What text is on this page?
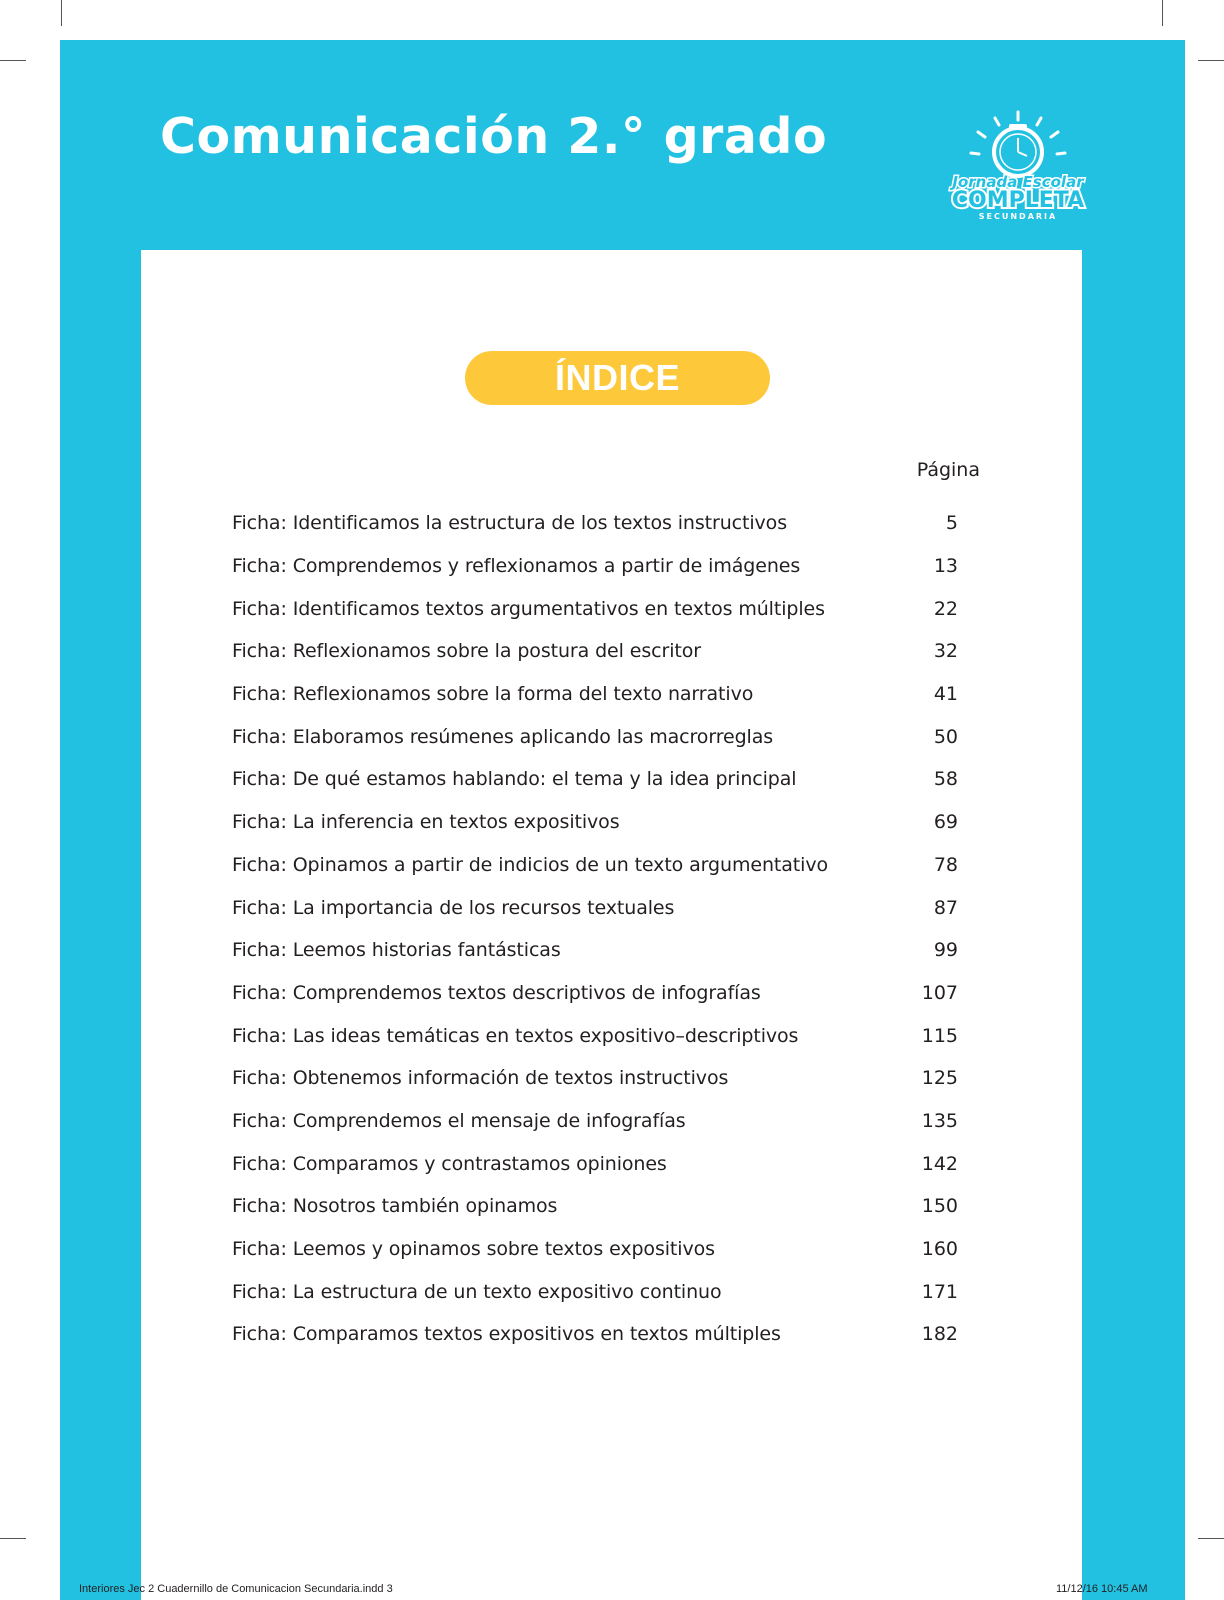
Comunicación 2.° grado
Jornada Escolar
COMPLETA
SECUNDARIA
ÍNDICE
Página
Ficha: Identificamos la estructura de los textos instructivos	5
Ficha: Comprendemos y reflexionamos a partir de imágenes	13
Ficha: Identificamos textos argumentativos en textos múltiples	22
Ficha: Reflexionamos sobre la postura del escritor	32
Ficha: Reflexionamos sobre la forma del texto narrativo	41
Ficha: Elaboramos resúmenes aplicando las macrorreglas	50
Ficha: De qué estamos hablando: el tema y la idea principal	58
Ficha: La inferencia en textos expositivos	69
Ficha: Opinamos a partir de indicios de un texto argumentativo	78
Ficha: La importancia de los recursos textuales	87
Ficha: Leemos historias fantásticas	99
Ficha: Comprendemos textos descriptivos de infografías	107
Ficha: Las ideas temáticas en textos expositivo–descriptivos	115
Ficha: Obtenemos información de textos instructivos	125
Ficha: Comprendemos el mensaje de infografías	135
Ficha: Comparamos y contrastamos opiniones	142
Ficha: Nosotros también opinamos	150
Ficha: Leemos y opinamos sobre textos expositivos	160
Ficha: La estructura de un texto expositivo continuo	171
Ficha: Comparamos textos expositivos en textos múltiples	182
Interiores Jec 2 Cuadernillo de Comunicacion Secundaria.indd 3	11/12/16 10:45 AM
